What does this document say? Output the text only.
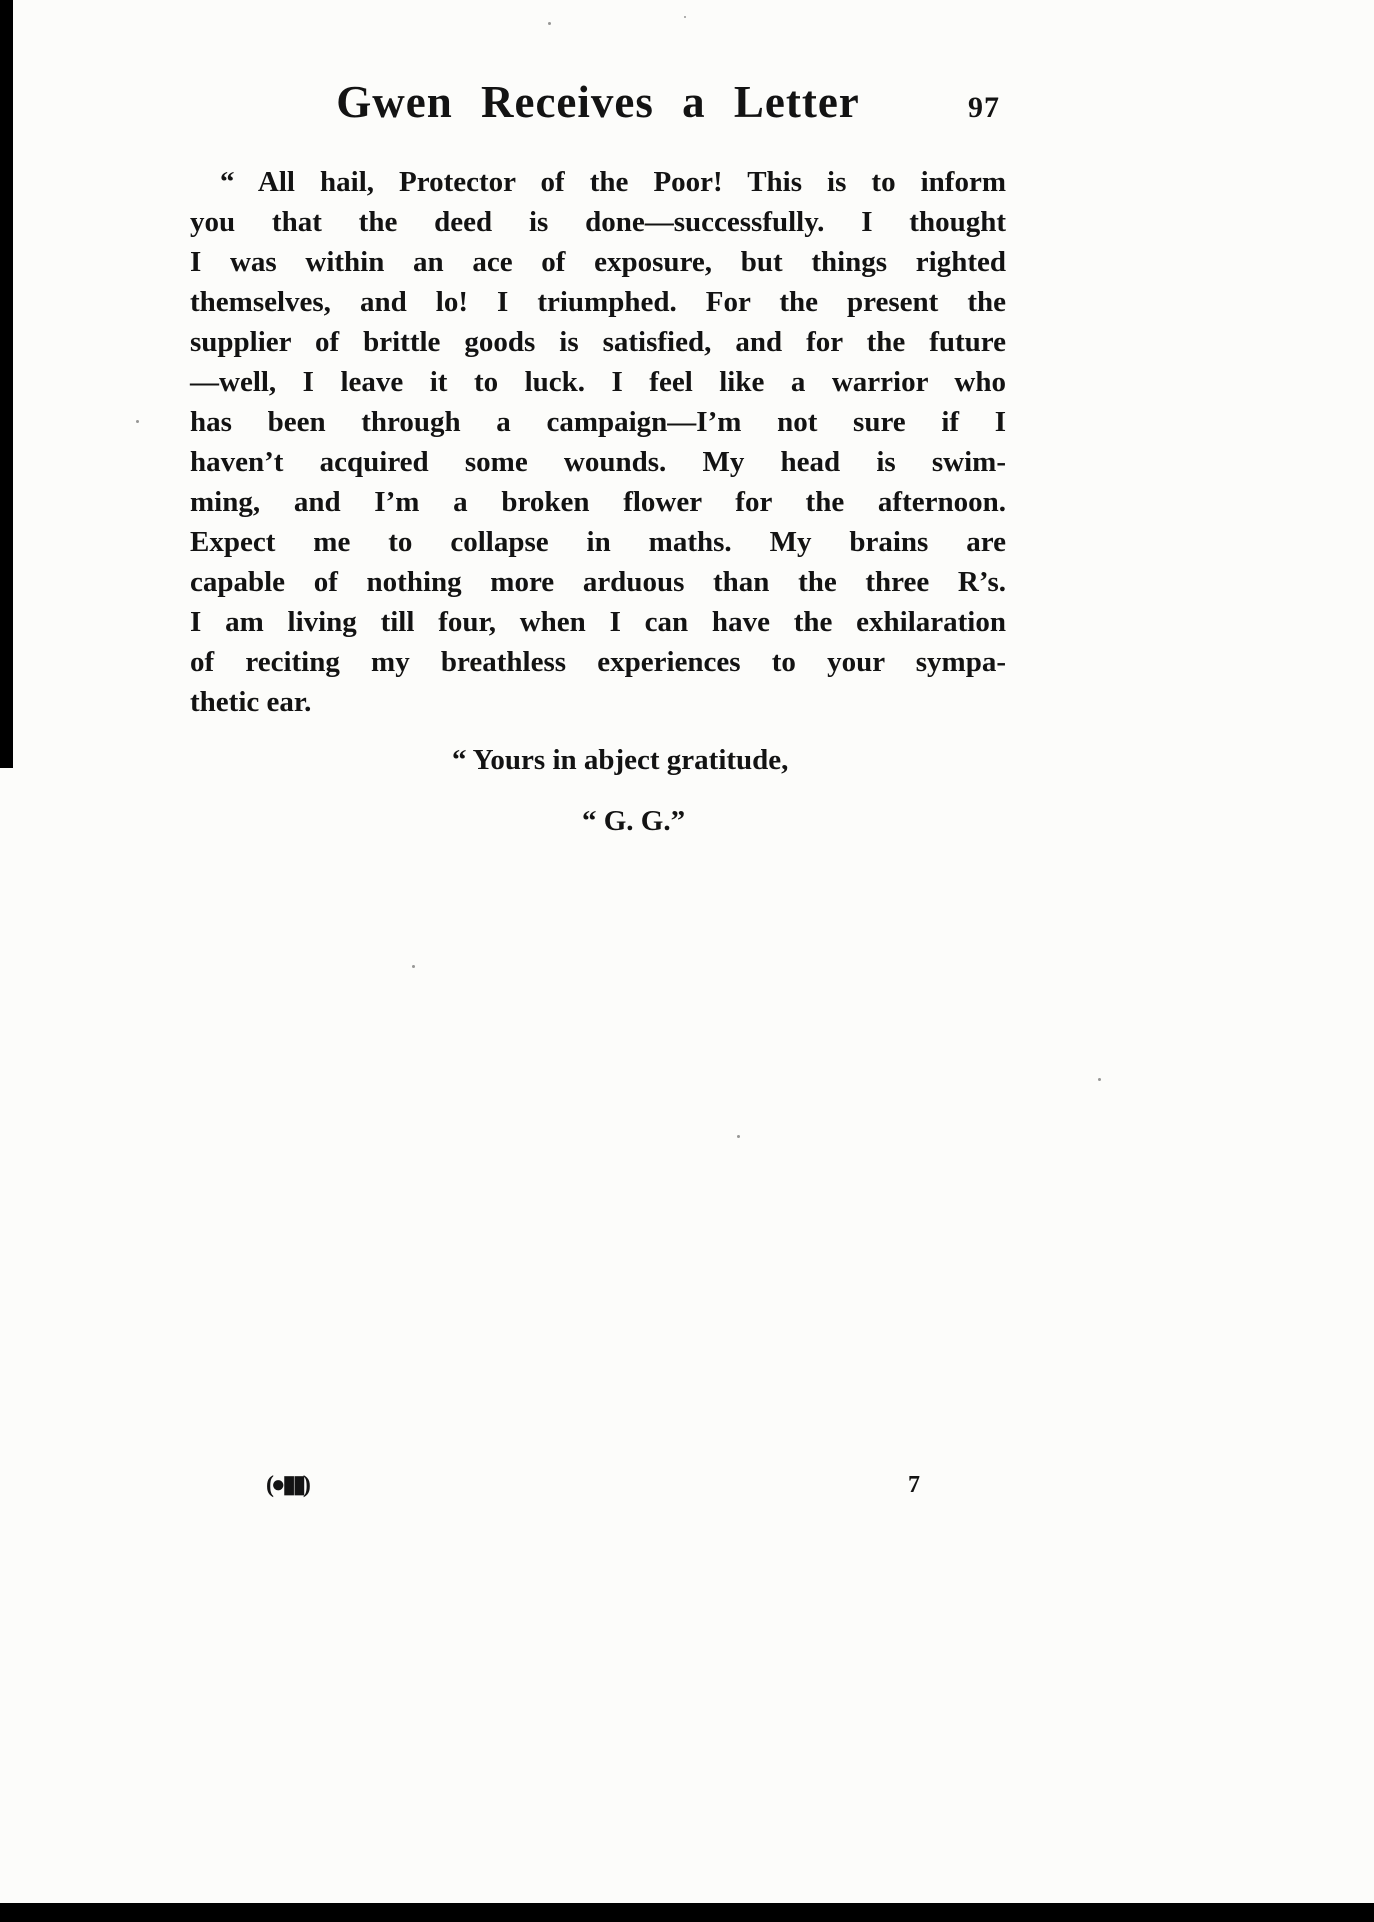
Gwen Receives a Letter	97
“ All hail, Protector of the Poor! This is to inform
you that the deed is done—successfully. I thought
I was within an ace of exposure, but things righted
themselves, and lo! I triumphed. For the present the
supplier of brittle goods is satisfied, and for the future
—well, I leave it to luck. I feel like a warrior who
has been through a campaign—I’m not sure if I
haven’t acquired some wounds. My head is swim-
ming, and I’m a broken flower for the afternoon.
Expect me to collapse in maths. My brains are
capable of nothing more arduous than the three R’s.
I am living till four, when I can have the exhilaration
of reciting my breathless experiences to your sympa-
thetic ear.
“ Yours in abject gratitude,
“ G. G.”
(●▮▮)	7
